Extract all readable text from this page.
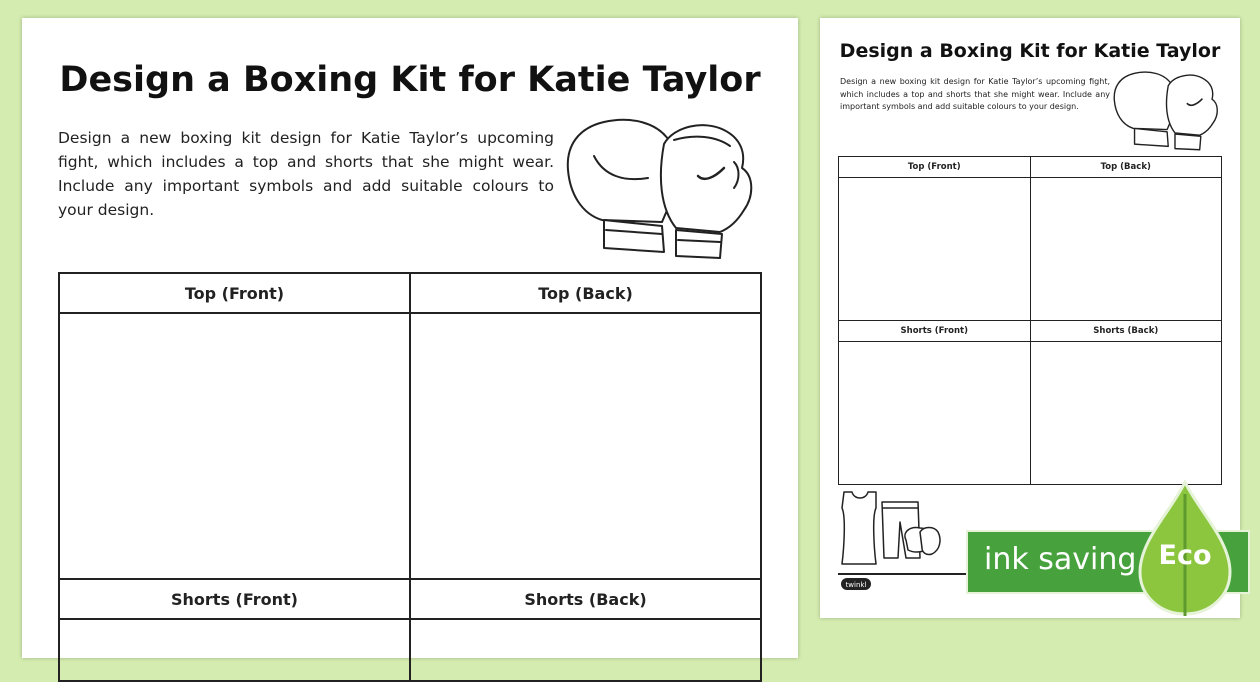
Design a Boxing Kit for Katie Taylor
Design a new boxing kit design for Katie Taylor’s upcoming fight, which includes a top and shorts that she might wear. Include any important symbols and add suitable colours to your design.
Top (Front)	Top (Back)

Shorts (Front)	Shorts (Back)

Design a Boxing Kit for Katie Taylor
Design a new boxing kit design for Katie Taylor’s upcoming fight, which includes a top and shorts that she might wear. Include any important symbols and add suitable colours to your design.
Top (Front)	Top (Back)

Shorts (Front)	Shorts (Back)

twinkl
ink saving Eco
